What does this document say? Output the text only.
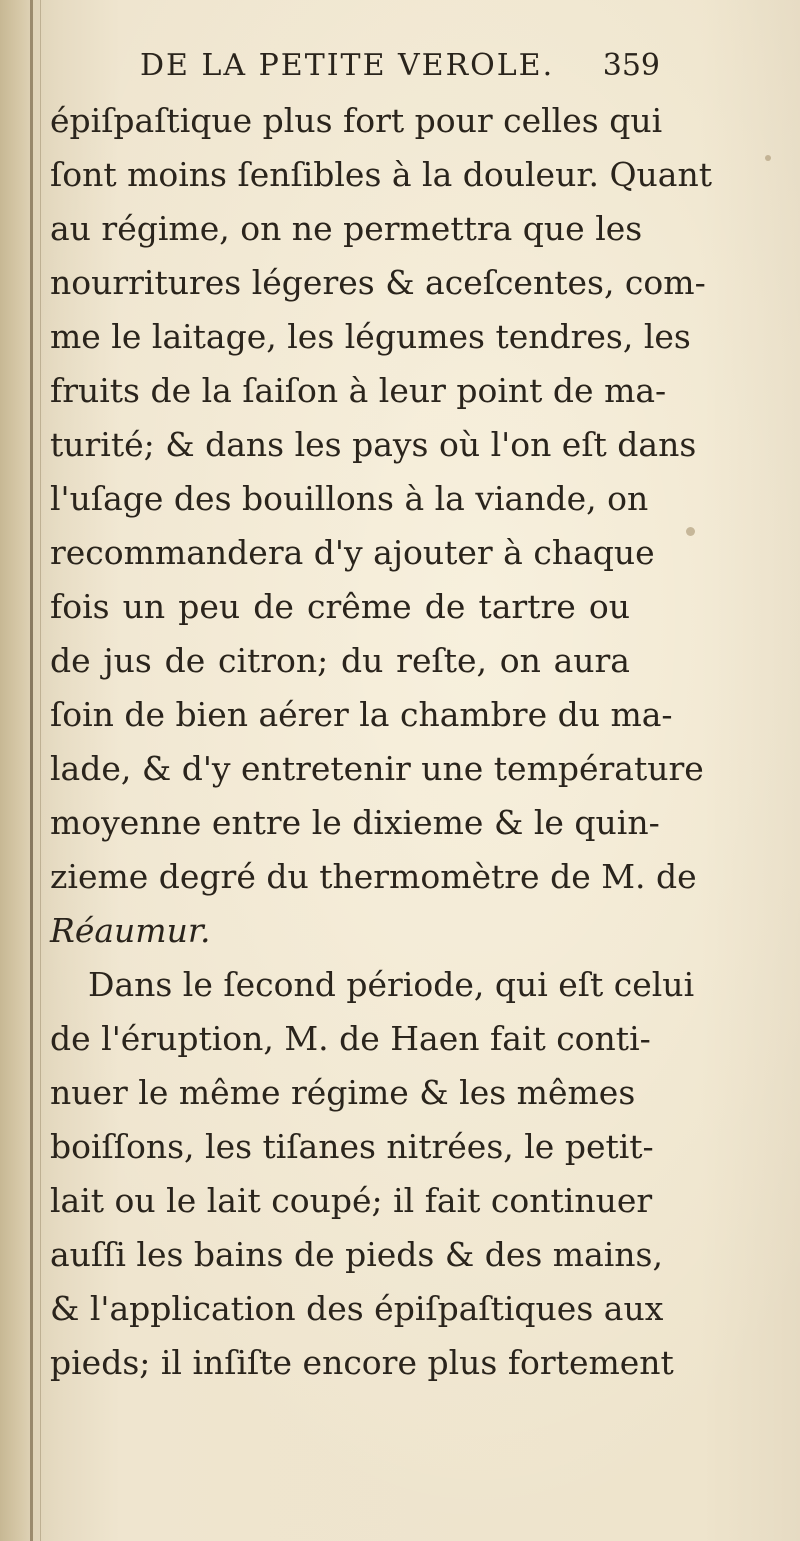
DE LA PETITE VEROLE. 359
épiſpaſtique plus fort pour celles qui
ſont moins ſenſibles à la douleur. Quant
au régime, on ne permettra que les
nourritures légeres & aceſcentes, com-
me le laitage, les légumes tendres, les
fruits de la ſaiſon à leur point de ma-
turité; & dans les pays où l'on eſt dans
l'uſage des bouillons à la viande, on
recommandera d'y ajouter à chaque
fois un peu de crême de tartre ou
de jus de citron; du reſte, on aura
ſoin de bien aérer la chambre du ma-
lade, & d'y entretenir une température
moyenne entre le dixieme & le quin-
zieme degré du thermomètre de M. de
Réaumur.
Dans le ſecond période, qui eſt celui
de l'éruption, M. de Haen fait conti-
nuer le même régime & les mêmes
boiſſons, les tiſanes nitrées, le petit-
lait ou le lait coupé; il fait continuer
auſſi les bains de pieds & des mains,
& l'application des épiſpaſtiques aux
pieds; il inſiſte encore plus fortement
